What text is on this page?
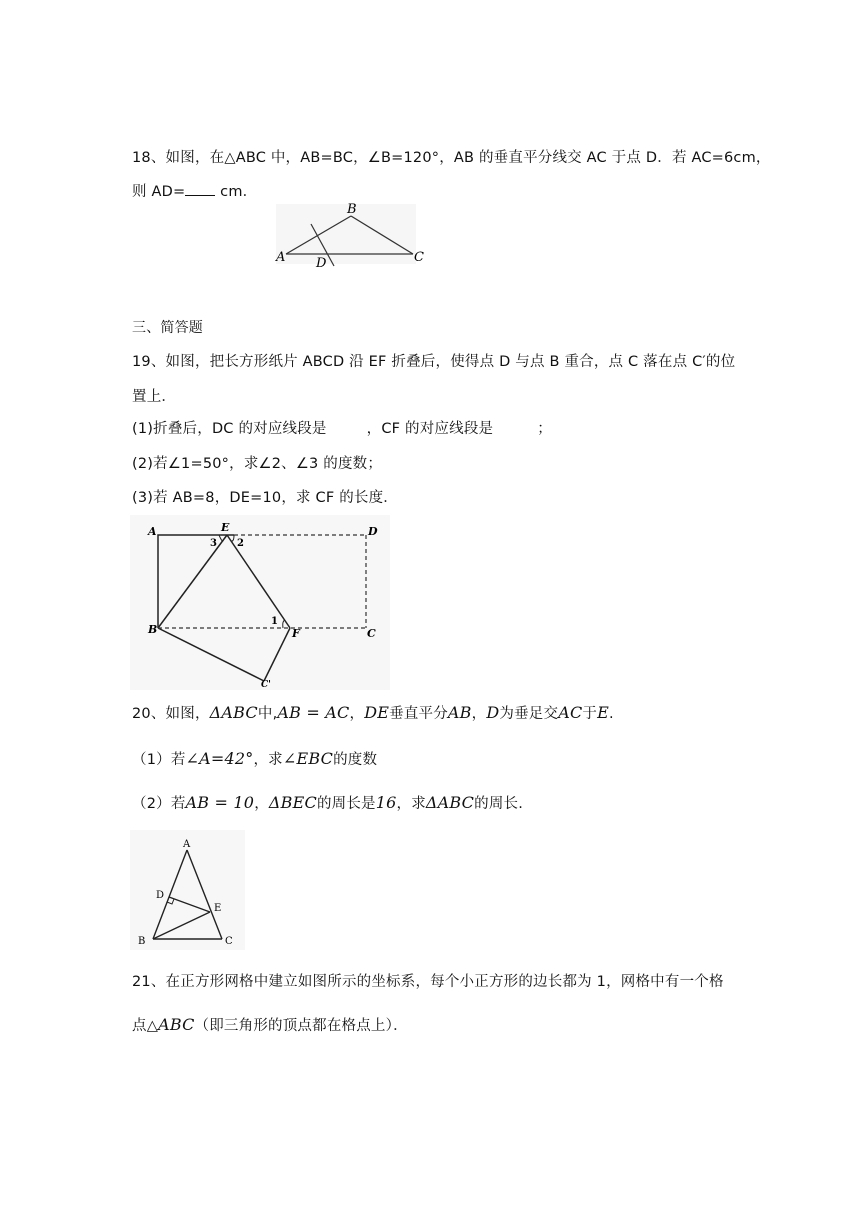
18、如图，在△ABC 中，AB=BC，∠B=120°，AB 的垂直平分线交 AC 于点 D．若 AC=6cm，
则 AD= cm．
A
B
C
D
三、简答题
19、如图，把长方形纸片 ABCD 沿 EF 折叠后，使得点 D 与点 B 重合，点 C 落在点 C′的位
置上．
(1)折叠后，DC 的对应线段是	，CF 的对应线段是	；
(2)若∠1=50°，求∠2、∠3 的度数；
(3)若 AB=8，DE=10，求 CF 的长度．
A	E	D
B	F	C
C'
3 2
1
20、如图，ΔABC中,AB = AC，DE垂直平分AB，D为垂足交AC于E.
（1）若∠A=42°，求∠EBC的度数
（2）若AB = 10，ΔBEC的周长是16，求ΔABC的周长.
A
D
E
B	C
21、在正方形网格中建立如图所示的坐标系，每个小正方形的边长都为 1，网格中有一个格
点△ABC（即三角形的顶点都在格点上）．
